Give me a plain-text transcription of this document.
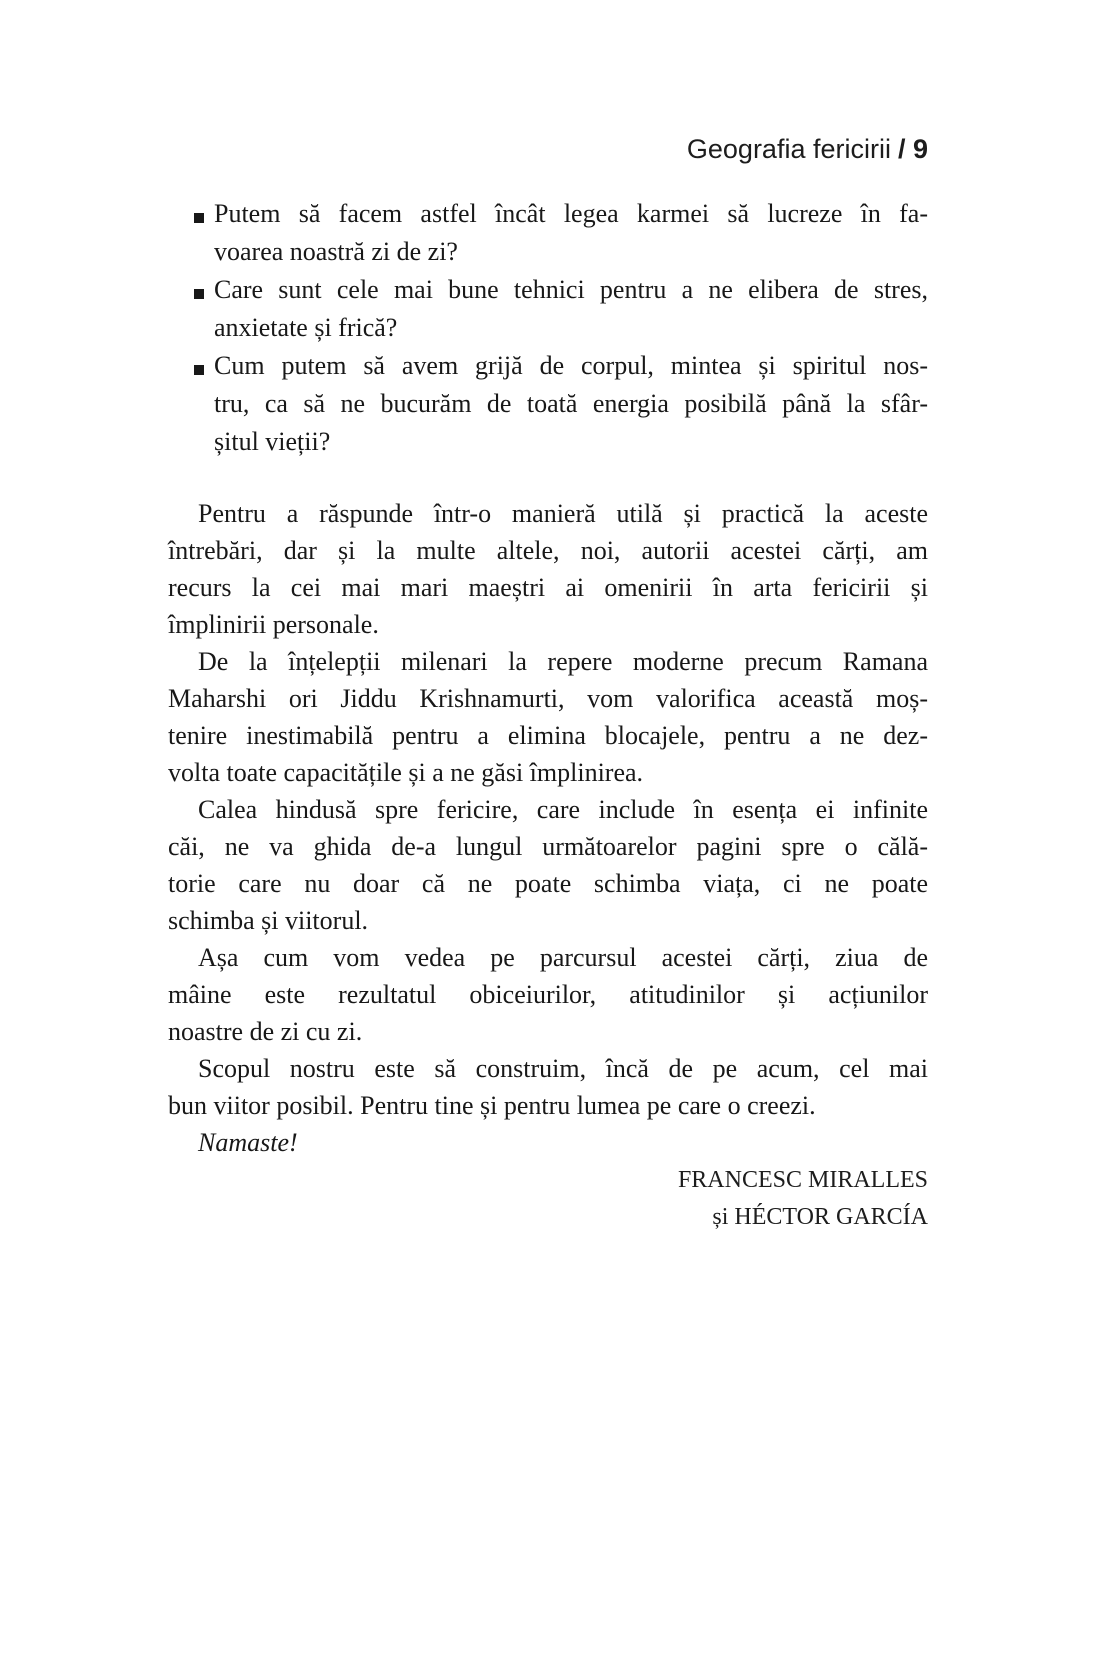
Geografia fericirii / 9
Putem să facem astfel încât legea karmei să lucreze în fa-
voarea noastră zi de zi?
Care sunt cele mai bune tehnici pentru a ne elibera de stres,
anxietate și frică?
Cum putem să avem grijă de corpul, mintea și spiritul nos-
tru, ca să ne bucurăm de toată energia posibilă până la sfâr-
șitul vieții?
Pentru a răspunde într-o manieră utilă și practică la aceste
întrebări, dar și la multe altele, noi, autorii acestei cărți, am
recurs la cei mai mari maeștri ai omenirii în arta fericirii și
împlinirii personale.
De la înțelepții milenari la repere moderne precum Ramana
Maharshi ori Jiddu Krishnamurti, vom valorifica această moș-
tenire inestimabilă pentru a elimina blocajele, pentru a ne dez-
volta toate capacitățile și a ne găsi împlinirea.
Calea hindusă spre fericire, care include în esența ei infinite
căi, ne va ghida de-a lungul următoarelor pagini spre o călă-
torie care nu doar că ne poate schimba viața, ci ne poate
schimba și viitorul.
Așa cum vom vedea pe parcursul acestei cărți, ziua de
mâine este rezultatul obiceiurilor, atitudinilor și acțiunilor
noastre de zi cu zi.
Scopul nostru este să construim, încă de pe acum, cel mai
bun viitor posibil. Pentru tine și pentru lumea pe care o creezi.
Namaste!
FRANCESC MIRALLES
și HÉCTOR GARCÍA
